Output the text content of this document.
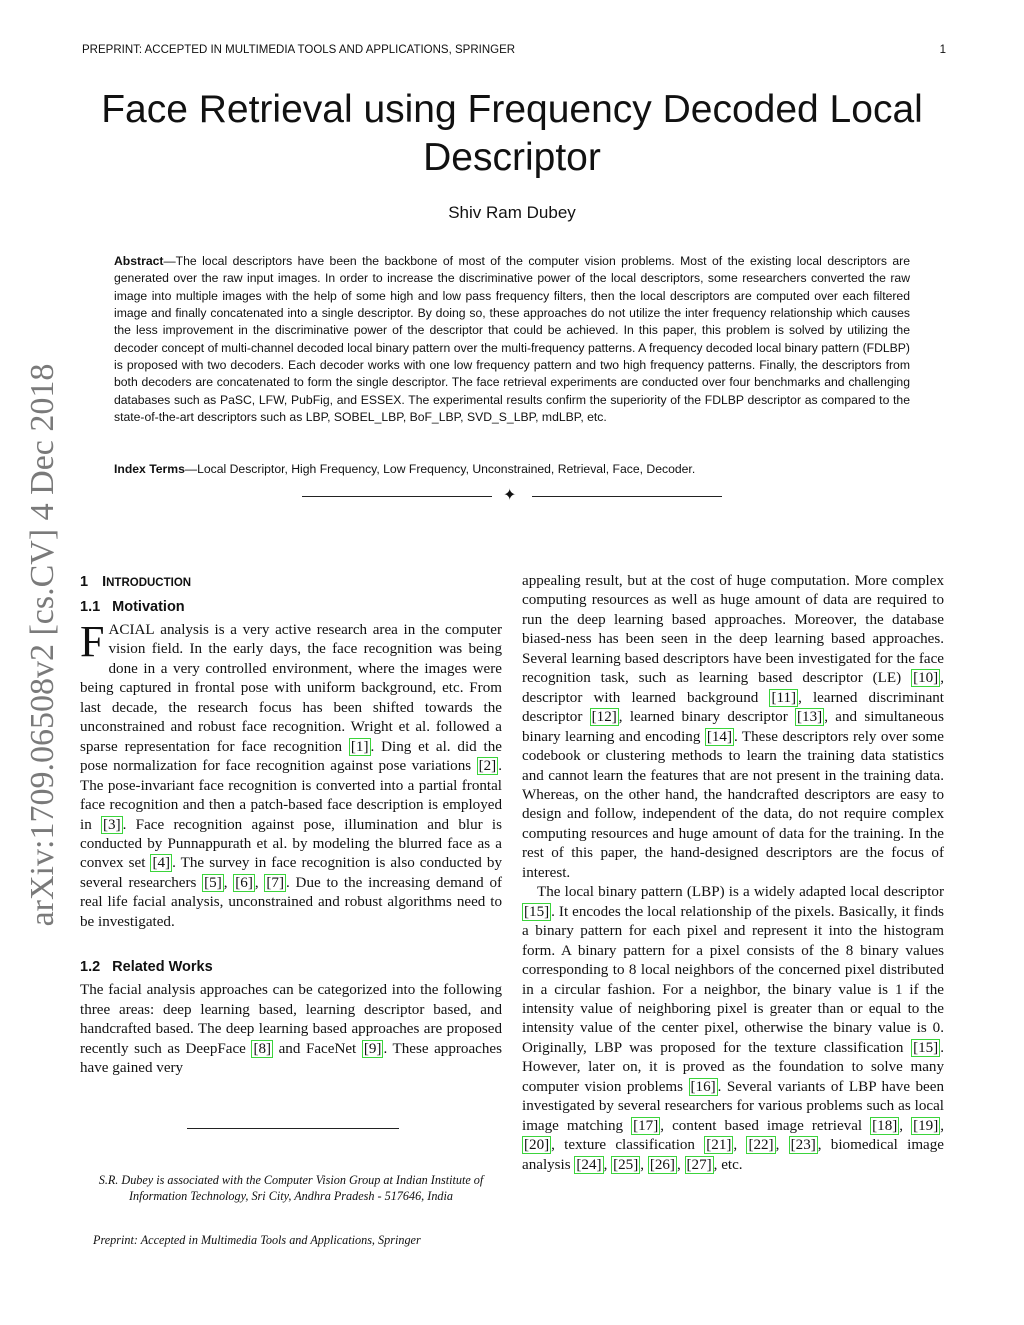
PREPRINT: ACCEPTED IN MULTIMEDIA TOOLS AND APPLICATIONS, SPRINGER	1
Face Retrieval using Frequency Decoded Local Descriptor
Shiv Ram Dubey

Abstract—The local descriptors have been the backbone of most of the computer vision problems. Most of the existing local descriptors are generated over the raw input images. In order to increase the discriminative power of the local descriptors, some researchers converted the raw image into multiple images with the help of some high and low pass frequency filters, then the local descriptors are computed over each filtered image and finally concatenated into a single descriptor. By doing so, these approaches do not utilize the inter frequency relationship which causes the less improvement in the discriminative power of the descriptor that could be achieved. In this paper, this problem is solved by utilizing the decoder concept of multi-channel decoded local binary pattern over the multi-frequency patterns. A frequency decoded local binary pattern (FDLBP) is proposed with two decoders. Each decoder works with one low frequency pattern and two high frequency patterns. Finally, the descriptors from both decoders are concatenated to form the single descriptor. The face retrieval experiments are conducted over four benchmarks and challenging databases such as PaSC, LFW, PubFig, and ESSEX. The experimental results confirm the superiority of the FDLBP descriptor as compared to the state-of-the-art descriptors such as LBP, SOBEL_LBP, BoF_LBP, SVD_S_LBP, mdLBP, etc.

Index Terms—Local Descriptor, High Frequency, Low Frequency, Unconstrained, Retrieval, Face, Decoder.

✦
arXiv:1709.06508v2 [cs.CV] 4 Dec 2018 1 INTRODUCTION
1.1 Motivation

FACIAL analysis is a very active research area in the computer vision field. In the early days, the face recognition was being done in a very controlled environment, where the images were being captured in frontal pose with uniform background, etc. From last decade, the research focus has been shifted towards the unconstrained and robust face recognition. Wright et al. followed a sparse representation for face recognition [1] . Ding et al. did the pose normalization for face recognition against pose variations [2] . The pose-invariant face recognition is converted into a partial frontal face recognition and then a patch-based face description is employed in [3] . Face recognition against pose, illumination and blur is conducted by Punnappurath et al. by modeling the blurred face as a convex set [4] . The survey in face recognition is also conducted by several researchers [5] , [6] , [7] . Due to the increasing demand of real life facial analysis, unconstrained and robust algorithms need to be investigated.

1.2 Related Works

The facial analysis approaches can be categorized into the following three areas: deep learning based, learning descriptor based, and handcrafted based. The deep learning based approaches are proposed recently such as DeepFace [8] and FaceNet [9] . These approaches have gained very

S.R. Dubey is associated with the Computer Vision Group at Indian Institute of Information Technology, Sri City, Andhra Pradesh - 517646, India

Preprint: Accepted in Multimedia Tools and Applications, Springer

appealing result, but at the cost of huge computation. More complex computing resources as well as huge amount of data are required to run the deep learning based approaches. Moreover, the database biased-ness has been seen in the deep learning based approaches. Several learning based descriptors have been investigated for the face recognition task, such as learning based descriptor (LE) [10] , descriptor with learned background [11] , learned discriminant descriptor [12] , learned binary descriptor [13] , and simultaneous binary learning and encoding [14] . These descriptors rely over some codebook or clustering methods to learn the training data statistics and cannot learn the features that are not present in the training data. Whereas, on the other hand, the handcrafted descriptors are easy to design and follow, independent of the data, do not require complex computing resources and huge amount of data for the training. In the rest of this paper, the hand-designed descriptors are the focus of interest.

The local binary pattern (LBP) is a widely adapted local descriptor [15] . It encodes the local relationship of the pixels. Basically, it finds a binary pattern for each pixel and represent it into the histogram form. A binary pattern for a pixel consists of the 8 binary values corresponding to 8 local neighbors of the concerned pixel distributed in a circular fashion. For a neighbor, the binary value is 1 if the intensity value of neighboring pixel is greater than or equal to the intensity value of the center pixel, otherwise the binary value is 0. Originally, LBP was proposed for the texture classification [15] . However, later on, it is proved as the foundation to solve many computer vision problems [16] . Several variants of LBP have been investigated by several researchers for various problems such as local image matching [17] , content based image retrieval [18] , [19] , [20] , texture classification [21] , [22] , [23] , biomedical image analysis [24] , [25] , [26] , [27] , etc.
